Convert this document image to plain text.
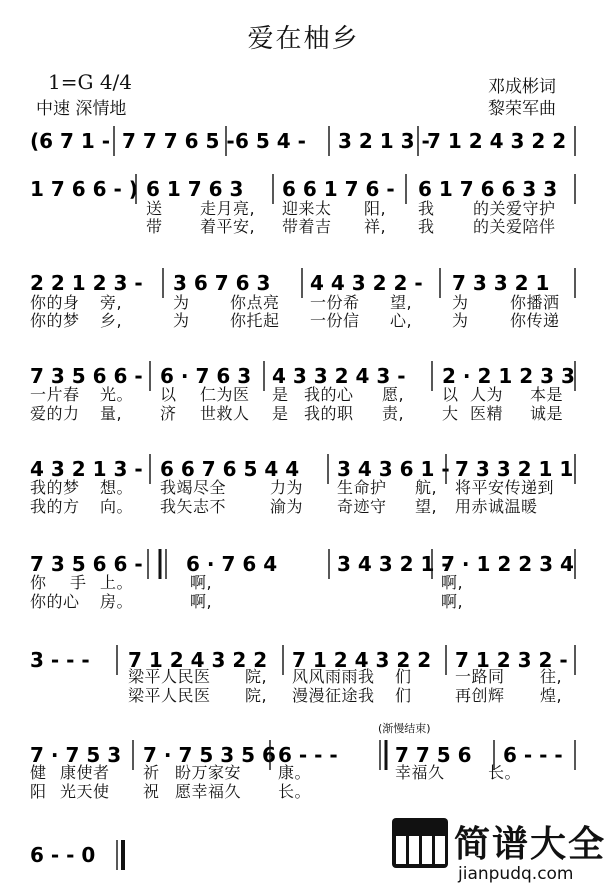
爱在柚乡
1=G 4/4
中速 深情地
邓成彬词
黎荣军曲
(6 7 1 - 7 7 7 6 5 - 6 5 4 - 3 2 1 3 -
7 1 2 4 3 2 2
1 7 6 6 - ) 6 1 7 6 3 6 6 1 7 6 - 6 1 7 6 6 3 3
2 2 1 2 3 - 3 6 7 6 3 4 4 3 2 2 - 7 3 3 2 1
7 3 5 6 6 - 6 · 7 6 3 4 3 3 2 4 3 - 2 · 2 1 2 3 3
4 3 2 1 3 - 6 6 7 6 5 4 4 3 4 3 6 1 - 7 3 3 2 1 1
7 3 5 6 6 - 6 · 7 6 4	3 4 3 2 1 -
7 · 1 2 2 3 4
3 - - - 7 1 2 4 3 2 2 7 1 2 4 3 2 2 7 1 2 3 2 -
7 · 7 5 3 7 · 7 5 3 5 6 6 - - -	7 7 5 6 6 - - -
6 - - 0
送 走月亮, 迎来太 阳, 我 的关爱守护
带 着平安, 带着吉 祥, 我 的关爱陪伴
你的身 旁,	为	你点亮 一份希 望, 为	你播洒
你的梦 乡,	为	你托起 一份信 心, 为	你传递
一片春 光。 以 仁为医 是 我的心 愿, 以 人为 本是
爱的力 量, 济 世救人 是 我的职 责, 大 医精 诚是
我的梦 想。 我竭尽全	力为 生命护 航, 将平安传递到
我的方 向。 我矢志不	渝为 奇迹守 望, 用赤诚温暖
你 手 上。	啊,	啊,
你的心 房。	啊,	啊,
梁平人民医 院, 风风雨雨我 们	一路同 往,
梁平人民医 院, 漫漫征途我 们	再创辉 煌,
健 康使者 祈 盼万家安 康。	幸福久	长。
阳 光天使 祝 愿幸福久 长。
(渐慢结束)
简谱大全
jianpudq.com
